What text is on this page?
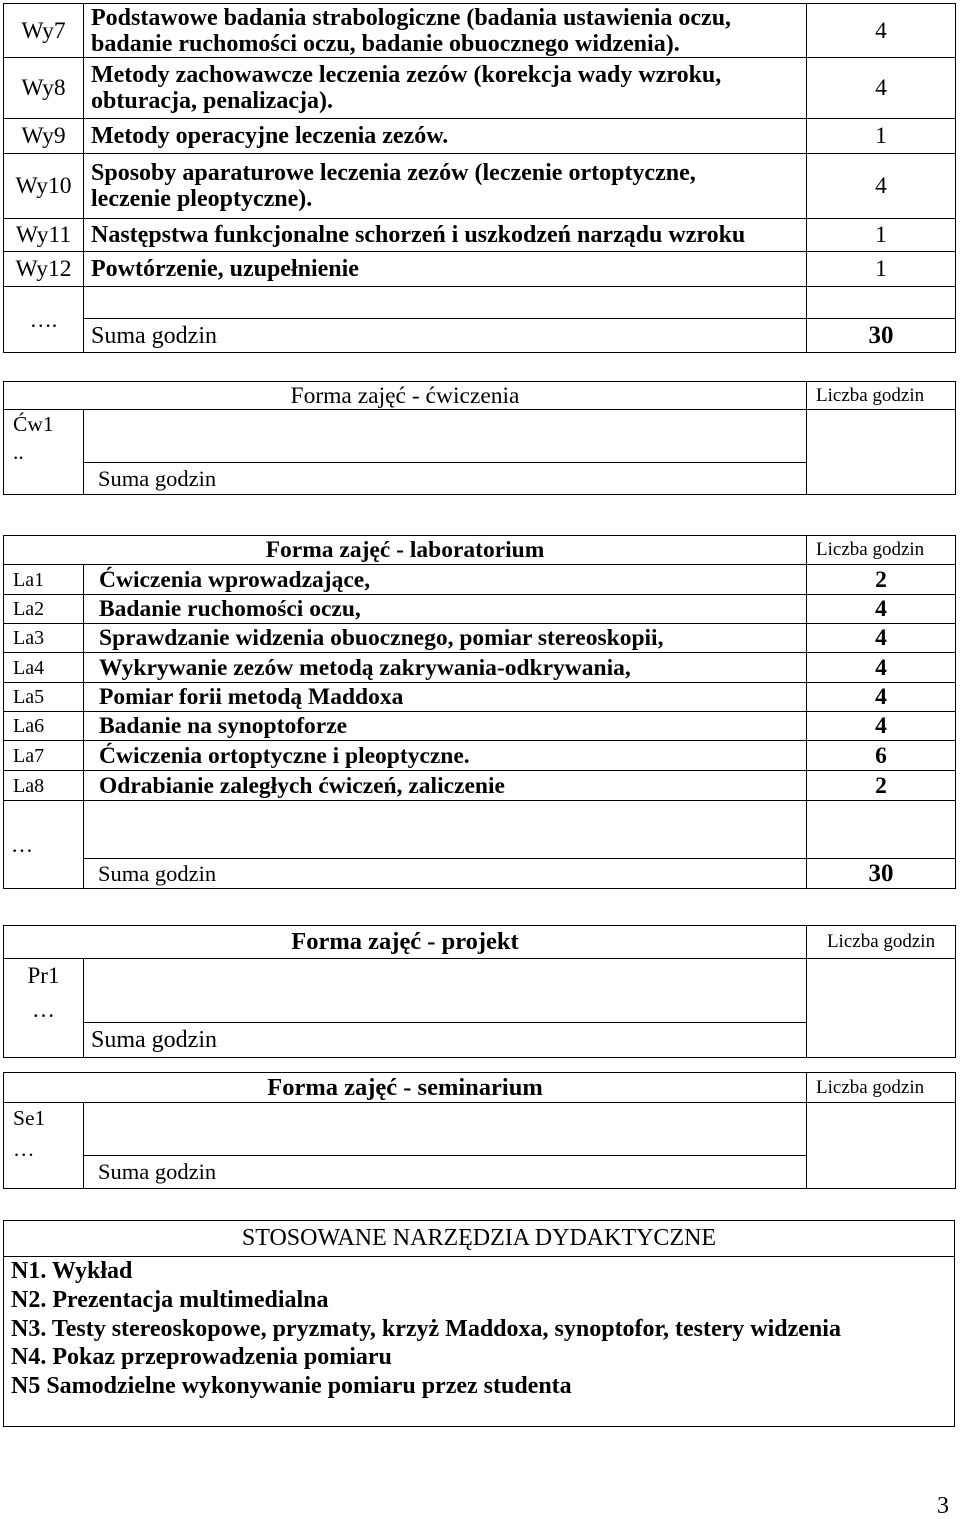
Wy7	Podstawowe badania strabologiczne (badania ustawienia oczu,
badanie ruchomości oczu, badanie obuocznego widzenia).	4
Wy8	Metody zachowawcze leczenia zezów (korekcja wady wzroku,
obturacja, penalizacja).	4
Wy9	Metody operacyjne leczenia zezów.	1
Wy10	Sposoby aparaturowe leczenia zezów (leczenie ortoptyczne,
leczenie pleoptyczne).	4
Wy11	Następstwa funkcjonalne schorzeń i uszkodzeń narządu wzroku	1
Wy12	Powtórzenie, uzupełnienie	1
….		
	Suma godzin	30
Forma zajęć - ćwiczenia		Liczba godzin

Ćw1
..		

	Suma godzin	
Forma zajęć - laboratorium		Liczba godzin
La1	Ćwiczenia wprowadzające,	2
La2	Badanie ruchomości oczu,	4
La3	Sprawdzanie widzenia obuocznego, pomiar stereoskopii,	4
La4	Wykrywanie zezów metodą zakrywania-odkrywania,	4
La5	Pomiar forii metodą Maddoxa	4
La6	Badanie na synoptoforze	4
La7	Ćwiczenia ortoptyczne i pleoptyczne.	6
La8	Odrabianie zaległych ćwiczeń, zaliczenie	2
…		
	Suma godzin	30
Forma zajęć - projekt		Liczba godzin

Pr1
…		

	Suma godzin	
Forma zajęć - seminarium		Liczba godzin

Se1
…		

	Suma godzin	
STOSOWANE NARZĘDZIA DYDAKTYCZNE
N1. Wykład
N2. Prezentacja multimedialna
N3. Testy stereoskopowe, pryzmaty, krzyż Maddoxa, synoptofor, testery widzenia
N4. Pokaz przeprowadzenia pomiaru
N5 Samodzielne wykonywanie pomiaru przez studenta
3
